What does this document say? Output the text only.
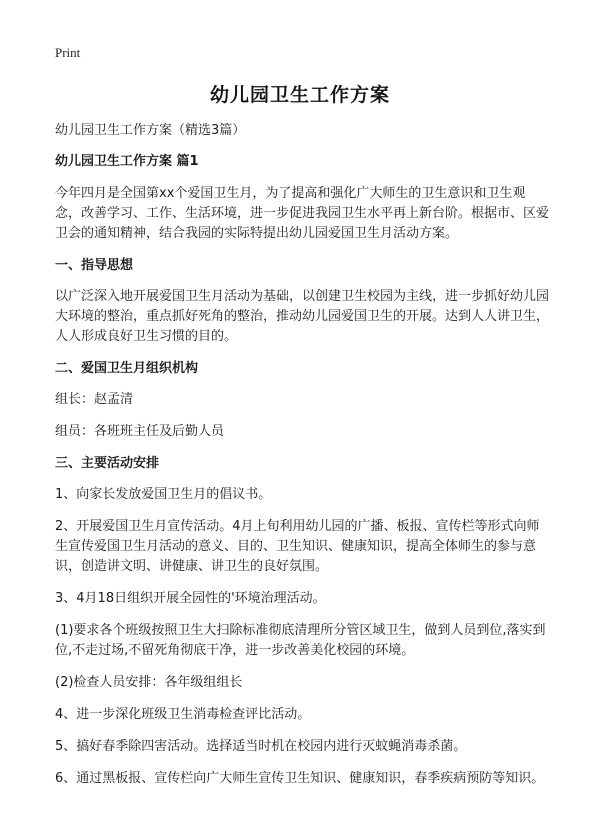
Print
幼儿园卫生工作方案

幼儿园卫生工作方案（精选3篇）

幼儿园卫生工作方案 篇1

今年四月是全国第xx个爱国卫生月，为了提高和强化广大师生的卫生意识和卫生观念，改善学习、工作、生活环境，进一步促进我园卫生水平再上新台阶。根据市、区爱卫会的通知精神，结合我园的实际特提出幼儿园爱国卫生月活动方案。

一、指导思想

以广泛深入地开展爱国卫生月活动为基础，以创建卫生校园为主线，进一步抓好幼儿园大环境的整治，重点抓好死角的整治，推动幼儿园爱国卫生的开展。达到人人讲卫生，人人形成良好卫生习惯的目的。

二、爱国卫生月组织机构

组长：赵孟清

组员：各班班主任及后勤人员

三、主要活动安排

1、向家长发放爱国卫生月的倡议书。

2、开展爱国卫生月宣传活动。4月上旬利用幼儿园的广播、板报、宣传栏等形式向师生宣传爱国卫生月活动的意义、目的、卫生知识、健康知识，提高全体师生的参与意识，创造讲文明、讲健康、讲卫生的良好氛围。

3、4月18日组织开展全园性的'环境治理活动。

(1)要求各个班级按照卫生大扫除标准彻底清理所分管区域卫生，做到人员到位,落实到位,不走过场,不留死角彻底干净，进一步改善美化校园的环境。

(2)检查人员安排：各年级组组长

4、进一步深化班级卫生消毒检查评比活动。

5、搞好春季除四害活动。选择适当时机在校园内进行灭蚊蝇消毒杀菌。

6、通过黑板报、宣传栏向广大师生宣传卫生知识、健康知识，春季疾病预防等知识。
